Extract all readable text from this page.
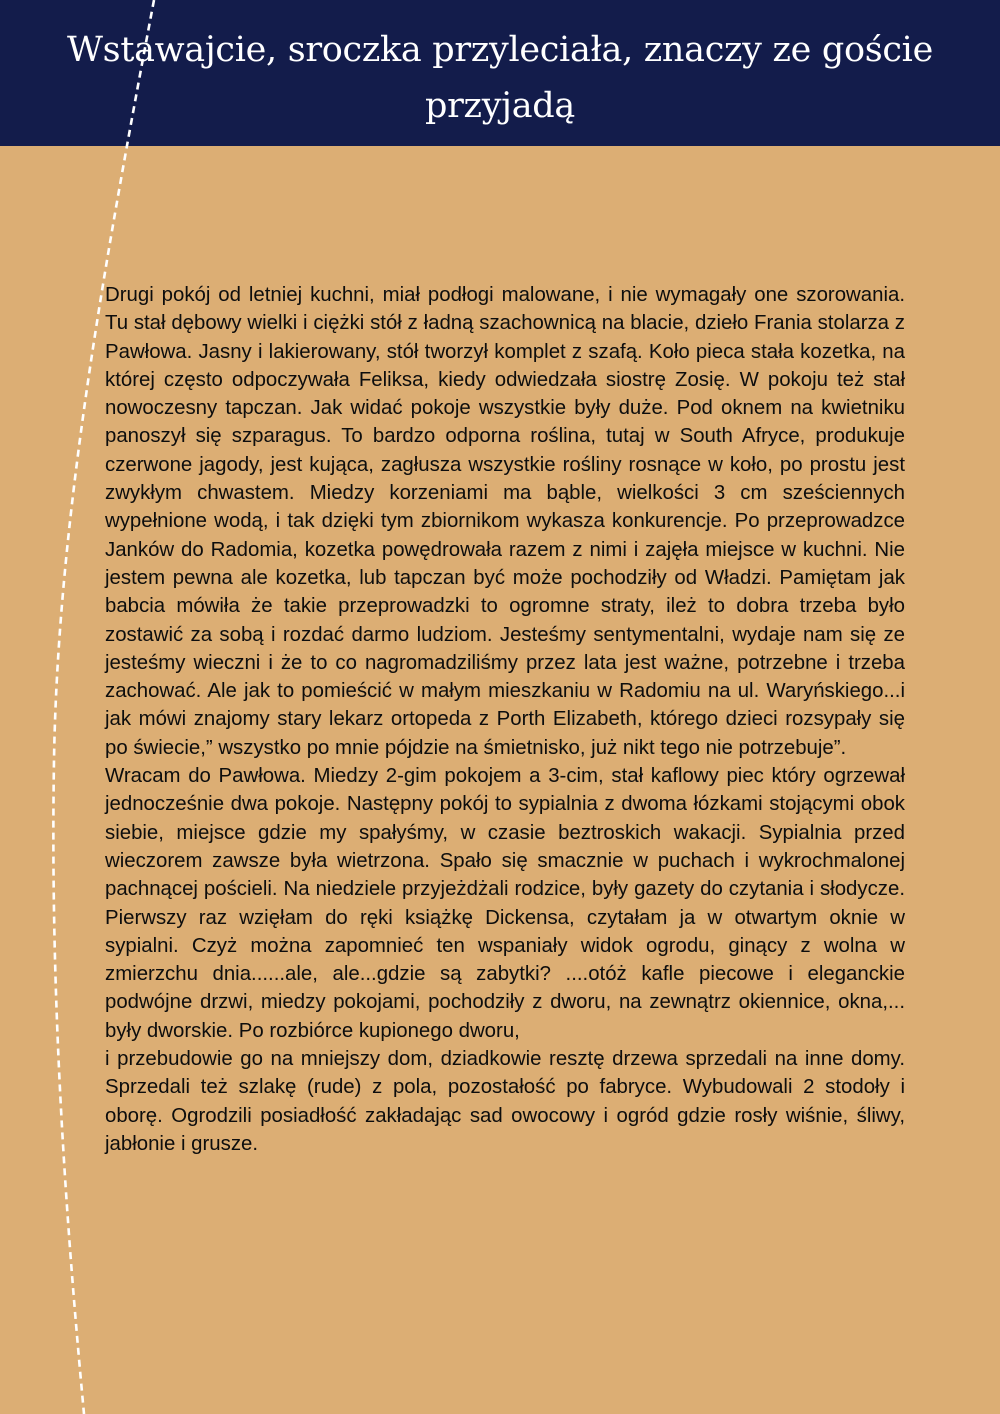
Wstawajcie, sroczka przyleciała, znaczy ze goście
przyjadą

Drugi pokój od letniej kuchni, miał podłogi malowane, i nie wymagały one szorowania. Tu stał dębowy wielki i ciężki stół z ładną szachownicą na blacie, dzieło Frania stolarza z Pawłowa. Jasny i lakierowany, stół tworzył komplet z szafą. Koło pieca stała kozetka, na której często odpoczywała Feliksa, kiedy odwiedzała siostrę Zosię. W pokoju też stał nowoczesny tapczan. Jak widać pokoje wszystkie były duże. Pod oknem na kwietniku panoszył się szparagus. To bardzo odporna roślina, tutaj w South Afryce, produkuje czerwone jagody, jest kująca, zagłusza wszystkie rośliny rosnące w koło, po prostu jest zwykłym chwastem. Miedzy korzeniami ma bąble, wielkości 3 cm sześciennych wypełnione wodą, i tak dzięki tym zbiornikom wykasza konkurencje. Po przeprowadzce Janków do Radomia, kozetka powędrowała razem z nimi i zajęła miejsce w kuchni. Nie jestem pewna ale kozetka, lub tapczan być może pochodziły od Władzi. Pamiętam jak babcia mówiła że takie przeprowadzki to ogromne straty, ileż to dobra trzeba było zostawić za sobą i rozdać darmo ludziom. Jesteśmy sentymentalni, wydaje nam się ze jesteśmy wieczni i że to co nagromadziliśmy przez lata jest ważne, potrzebne i trzeba zachować. Ale jak to pomieścić w małym mieszkaniu w Radomiu na ul. Waryńskiego...i jak mówi znajomy stary lekarz ortopeda z Porth Elizabeth, którego dzieci rozsypały się po świecie,” wszystko po mnie pójdzie na śmietnisko, już nikt tego nie potrzebuje”.

Wracam do Pawłowa. Miedzy 2-gim pokojem a 3-cim, stał kaflowy piec który ogrzewał jednocześnie dwa pokoje. Następny pokój to sypialnia z dwoma łózkami stojącymi obok siebie, miejsce gdzie my spałyśmy, w czasie beztroskich wakacji. Sypialnia przed wieczorem zawsze była wietrzona. Spało się smacznie w puchach i wykrochmalonej pachnącej pościeli. Na niedziele przyjeżdżali rodzice, były gazety do czytania i słodycze. Pierwszy raz wzięłam do ręki książkę Dickensa, czytałam ja w otwartym oknie w sypialni. Czyż można zapomnieć ten wspaniały widok ogrodu, ginący z wolna w zmierzchu dnia......ale, ale...gdzie są zabytki? ....otóż kafle piecowe i eleganckie podwójne drzwi, miedzy pokojami, pochodziły z dworu, na zewnątrz okiennice, okna,... były dworskie. Po rozbiórce kupionego dworu,

i przebudowie go na mniejszy dom, dziadkowie resztę drzewa sprzedali na inne domy. Sprzedali też szlakę (rude) z pola, pozostałość po fabryce. Wybudowali 2 stodoły i oborę. Ogrodzili posiadłość zakładając sad owocowy i ogród gdzie rosły wiśnie, śliwy, jabłonie i grusze.
